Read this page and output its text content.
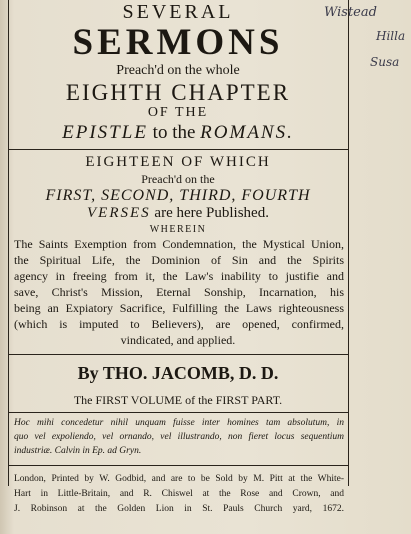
SEVERAL
SERMONS
Preach'd on the whole
EIGHTH CHAPTER
OF THE
EPISTLE to the ROMANS.
EIGHTEEN OF WHICH
Preach'd on the
FIRST, SECOND, THIRD, FOURTH
VERSES are here Published.
WHEREIN
The Saints Exemption from Condemnation, the Mystical Union,
the Spiritual Life, the Dominion of Sin and the Spirits
agency in freeing from it, the Law's inability to justifie and
save, Christ's Mission, Eternal Sonship, Incarnation, his
being an Expiatory Sacrifice, Fulfilling the Laws righteousness
(which is imputed to Believers), are opened, confirmed,
vindicated, and applied.
By THO. JACOMB, D. D.
The FIRST VOLUME of the FIRST PART.
Hoc mihi concedetur nihil unquam fuisse inter homines tam absolutum, in
quo vel expoliendo, vel ornando, vel illustrando, non fieret locus sequentium
industriæ. Calvin in Ep. ad Gryn.
London, Printed by W. Godbid, and are to be Sold by M. Pitt at the White-
Hart in Little-Britain, and R. Chiswel at the Rose and Crown, and
J. Robinson at the Golden Lion in St. Pauls Church yard, 1672.
Wistead
Hilla
Susa
